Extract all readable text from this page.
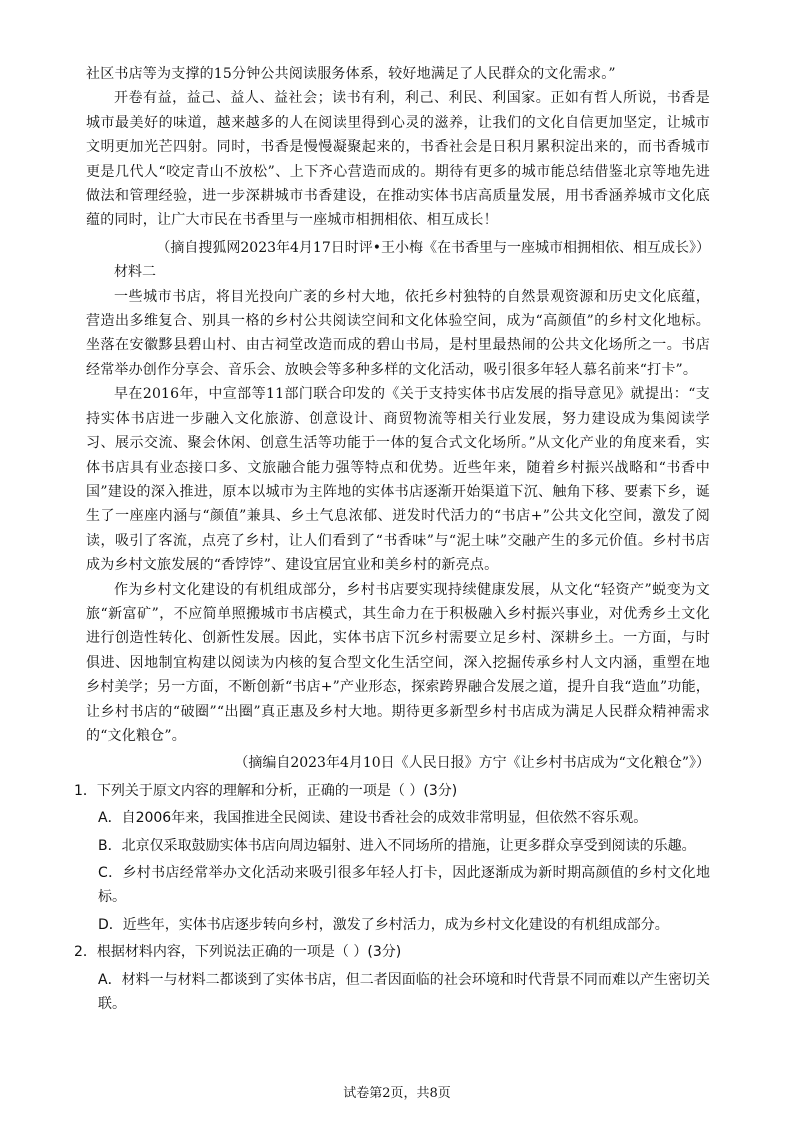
社区书店等为支撑的15分钟公共阅读服务体系，较好地满足了人民群众的文化需求。”

开卷有益，益己、益人、益社会；读书有利，利己、利民、利国家。正如有哲人所说，书香是城市最美好的味道，越来越多的人在阅读里得到心灵的滋养，让我们的文化自信更加坚定，让城市文明更加光芒四射。同时，书香是慢慢凝聚起来的，书香社会是日积月累积淀出来的，而书香城市更是几代人“咬定青山不放松”、上下齐心营造而成的。期待有更多的城市能总结借鉴北京等地先进做法和管理经验，进一步深耕城市书香建设，在推动实体书店高质量发展，用书香涵养城市文化底蕴的同时，让广大市民在书香里与一座城市相拥相依、相互成长！

（摘自搜狐网2023年4月17日时评•王小梅《在书香里与一座城市相拥相依、相互成长》）

材料二

一些城市书店，将目光投向广袤的乡村大地，依托乡村独特的自然景观资源和历史文化底蕴，营造出多维复合、别具一格的乡村公共阅读空间和文化体验空间，成为“高颜值”的乡村文化地标。坐落在安徽黟县碧山村、由古祠堂改造而成的碧山书局，是村里最热闹的公共文化场所之一。书店经常举办创作分享会、音乐会、放映会等多种多样的文化活动，吸引很多年轻人慕名前来“打卡”。

早在2016年，中宣部等11部门联合印发的《关于支持实体书店发展的指导意见》就提出：“支持实体书店进一步融入文化旅游、创意设计、商贸物流等相关行业发展，努力建设成为集阅读学习、展示交流、聚会休闲、创意生活等功能于一体的复合式文化场所。”从文化产业的角度来看，实体书店具有业态接口多、文旅融合能力强等特点和优势。近些年来，随着乡村振兴战略和“书香中国”建设的深入推进，原本以城市为主阵地的实体书店逐渐开始渠道下沉、触角下移、要素下乡，诞生了一座座内涵与“颜值”兼具、乡土气息浓郁、迸发时代活力的“书店+”公共文化空间，激发了阅读，吸引了客流，点亮了乡村，让人们看到了“书香味”与“泥土味”交融产生的多元价值。乡村书店成为乡村文旅发展的“香饽饽”、建设宜居宜业和美乡村的新亮点。

作为乡村文化建设的有机组成部分，乡村书店要实现持续健康发展，从文化“轻资产”蜕变为文旅“新富矿”，不应简单照搬城市书店模式，其生命力在于积极融入乡村振兴事业，对优秀乡土文化进行创造性转化、创新性发展。因此，实体书店下沉乡村需要立足乡村、深耕乡土。一方面，与时俱进、因地制宜构建以阅读为内核的复合型文化生活空间，深入挖掘传承乡村人文内涵，重塑在地乡村美学；另一方面，不断创新“书店+”产业形态，探索跨界融合发展之道，提升自我“造血”功能，让乡村书店的“破圈”“出圈”真正惠及乡村大地。期待更多新型乡村书店成为满足人民群众精神需求的“文化粮仓”。

（摘编自2023年4月10日《人民日报》方宁《让乡村书店成为“文化粮仓”》）

1．下列关于原文内容的理解和分析，正确的一项是（ ）(3分)

A．自2006年来，我国推进全民阅读、建设书香社会的成效非常明显，但依然不容乐观。

B．北京仅采取鼓励实体书店向周边辐射、进入不同场所的措施，让更多群众享受到阅读的乐趣。

C．乡村书店经常举办文化活动来吸引很多年轻人打卡，因此逐渐成为新时期高颜值的乡村文化地标。

D．近些年，实体书店逐步转向乡村，激发了乡村活力，成为乡村文化建设的有机组成部分。

2．根据材料内容，下列说法正确的一项是（ ）(3分)

A．材料一与材料二都谈到了实体书店，但二者因面临的社会环境和时代背景不同而难以产生密切关联。

试卷第2页，共8页
